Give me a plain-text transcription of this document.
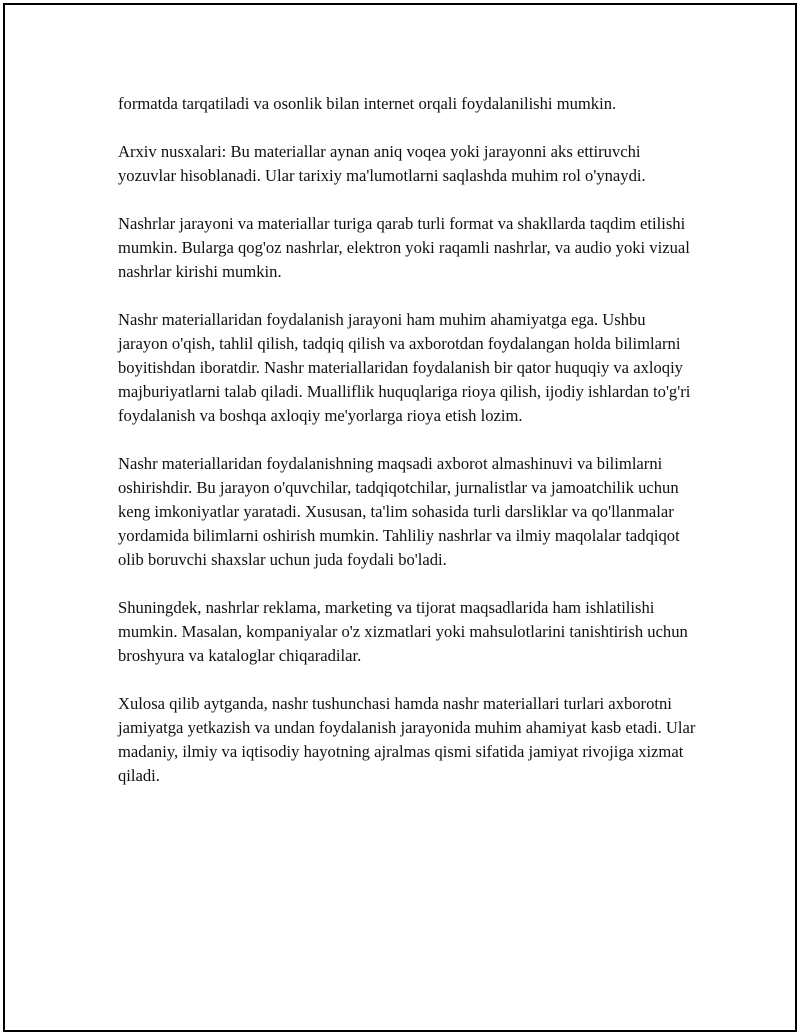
formatda tarqatiladi va osonlik bilan internet orqali foydalanilishi mumkin.

Arxiv nusxalari: Bu materiallar aynan aniq voqea yoki jarayonni aks ettiruvchi yozuvlar hisoblanadi. Ular tarixiy ma'lumotlarni saqlashda muhim rol o'ynaydi.

Nashrlar jarayoni va materiallar turiga qarab turli format va shakllarda taqdim etilishi mumkin. Bularga qog'oz nashrlar, elektron yoki raqamli nashrlar, va audio yoki vizual nashrlar kirishi mumkin.

Nashr materiallaridan foydalanish jarayoni ham muhim ahamiyatga ega. Ushbu jarayon o'qish, tahlil qilish, tadqiq qilish va axborotdan foydalangan holda bilimlarni boyitishdan iboratdir. Nashr materiallaridan foydalanish bir qator huquqiy va axloqiy majburiyatlarni talab qiladi. Mualliflik huquqlariga rioya qilish, ijodiy ishlardan to'g'ri foydalanish va boshqa axloqiy me'yorlarga rioya etish lozim.

Nashr materiallaridan foydalanishning maqsadi axborot almashinuvi va bilimlarni oshirishdir. Bu jarayon o'quvchilar, tadqiqotchilar, jurnalistlar va jamoatchilik uchun keng imkoniyatlar yaratadi. Xususan, ta'lim sohasida turli darsliklar va qo'llanmalar yordamida bilimlarni oshirish mumkin. Tahliliy nashrlar va ilmiy maqolalar tadqiqot olib boruvchi shaxslar uchun juda foydali bo'ladi.

Shuningdek, nashrlar reklama, marketing va tijorat maqsadlarida ham ishlatilishi mumkin. Masalan, kompaniyalar o'z xizmatlari yoki mahsulotlarini tanishtirish uchun broshyura va kataloglar chiqaradilar.

Xulosa qilib aytganda, nashr tushunchasi hamda nashr materiallari turlari axborotni jamiyatga yetkazish va undan foydalanish jarayonida muhim ahamiyat kasb etadi. Ular madaniy, ilmiy va iqtisodiy hayotning ajralmas qismi sifatida jamiyat rivojiga xizmat qiladi.
